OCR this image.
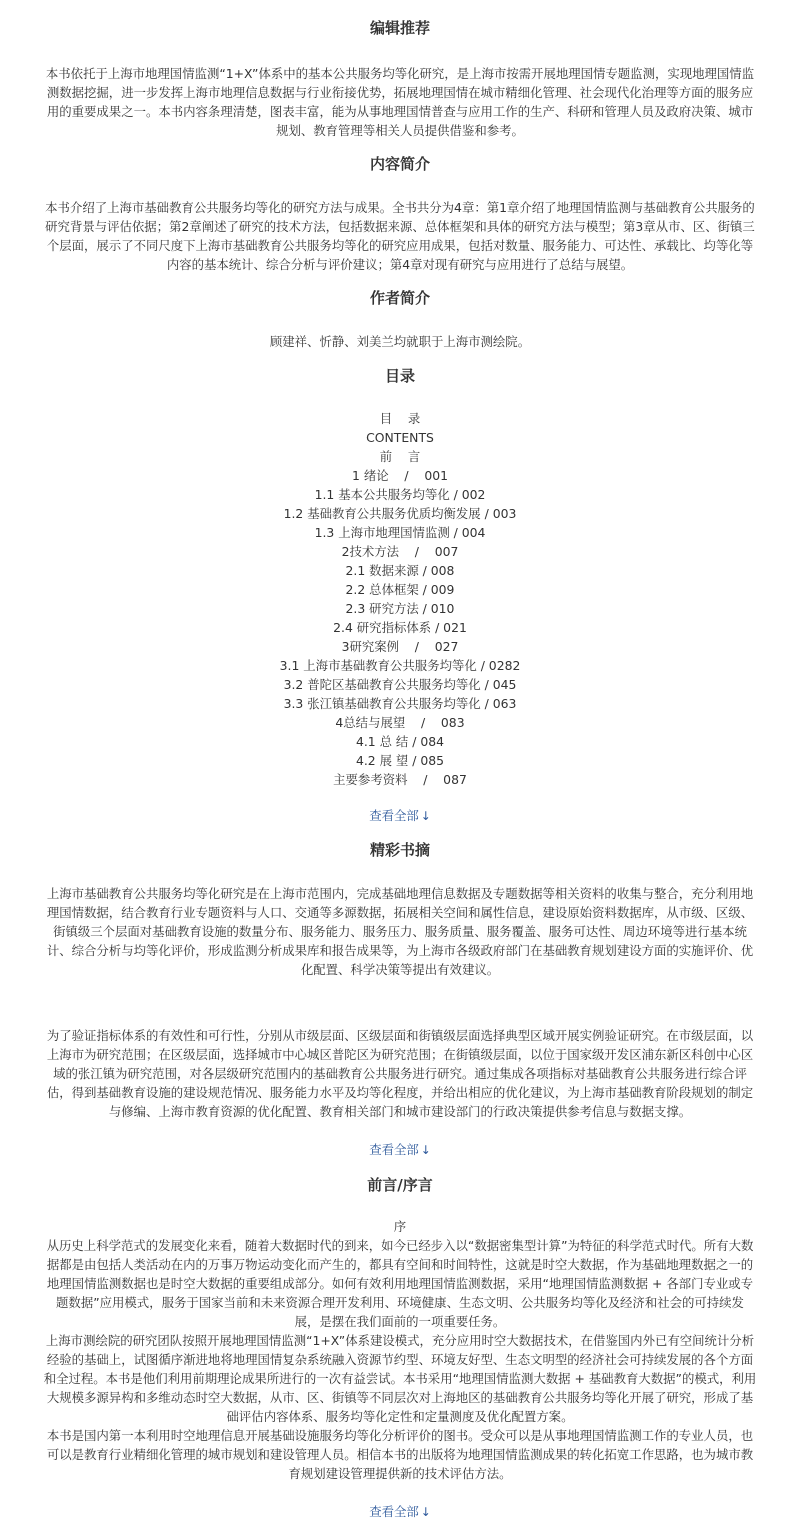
编辑推荐

本书依托于上海市地理国情监测“1+X”体系中的基本公共服务均等化研究，是上海市按需开展地理国情专题监测，实现地理国情监

测数据挖掘，进一步发挥上海市地理信息数据与行业衔接优势，拓展地理国情在城市精细化管理、社会现代化治理等方面的服务应

用的重要成果之一。本书内容条理清楚，图表丰富，能为从事地理国情普查与应用工作的生产、科研和管理人员及政府决策、城市

规划、教育管理等相关人员提供借鉴和参考。

内容简介

本书介绍了上海市基础教育公共服务均等化的研究方法与成果。全书共分为4章：第1章介绍了地理国情监测与基础教育公共服务的

研究背景与评估依据；第2章阐述了研究的技术方法，包括数据来源、总体框架和具体的研究方法与模型；第3章从市、区、街镇三

个层面，展示了不同尺度下上海市基础教育公共服务均等化的研究应用成果，包括对数量、服务能力、可达性、承载比、均等化等

内容的基本统计、综合分析与评价建议；第4章对现有研究与应用进行了总结与展望。

作者简介

顾建祥、忻静、刘美兰均就职于上海市测绘院。

目录

目    录

CONTENTS

前    言

1 绪论    /    001

1.1 基本公共服务均等化 / 002

1.2 基础教育公共服务优质均衡发展 / 003

1.3 上海市地理国情监测 / 004

2技术方法    /    007

2.1 数据来源 / 008

2.2 总体框架 / 009

2.3 研究方法 / 010

2.4 研究指标体系 / 021

3研究案例    /    027

3.1 上海市基础教育公共服务均等化 / 0282

3.2 普陀区基础教育公共服务均等化 / 045

3.3 张江镇基础教育公共服务均等化 / 063

4总结与展望    /    083

4.1 总 结 / 084

4.2 展 望 / 085

主要参考资料    /    087

查看全部 ↓
精彩书摘

上海市基础教育公共服务均等化研究是在上海市范围内，完成基础地理信息数据及专题数据等相关资料的收集与整合，充分利用地

理国情数据，结合教育行业专题资料与人口、交通等多源数据，拓展相关空间和属性信息，建设原始资料数据库，从市级、区级、

街镇级三个层面对基础教育设施的数量分布、服务能力、服务压力、服务质量、服务覆盖、服务可达性、周边环境等进行基本统

计、综合分析与均等化评价，形成监测分析成果库和报告成果等，为上海市各级政府部门在基础教育规划建设方面的实施评价、优

化配置、科学决策等提出有效建议。

为了验证指标体系的有效性和可行性，分别从市级层面、区级层面和街镇级层面选择典型区域开展实例验证研究。在市级层面，以

上海市为研究范围；在区级层面，选择城市中心城区普陀区为研究范围；在街镇级层面，以位于国家级开发区浦东新区科创中心区

域的张江镇为研究范围，对各层级研究范围内的基础教育公共服务进行研究。通过集成各项指标对基础教育公共服务进行综合评

估，得到基础教育设施的建设规范情况、服务能力水平及均等化程度，并给出相应的优化建议，为上海市基础教育阶段规划的制定

与修编、上海市教育资源的优化配置、教育相关部门和城市建设部门的行政决策提供参考信息与数据支撑。

查看全部 ↓
前言/序言

序

从历史上科学范式的发展变化来看，随着大数据时代的到来，如今已经步入以“数据密集型计算”为特征的科学范式时代。所有大数

据都是由包括人类活动在内的万事万物运动变化而产生的，都具有空间和时间特性，这就是时空大数据，作为基础地理数据之一的

地理国情监测数据也是时空大数据的重要组成部分。如何有效利用地理国情监测数据，采用“地理国情监测数据 + 各部门专业或专

题数据”应用模式，服务于国家当前和未来资源合理开发利用、环境健康、生态文明、公共服务均等化及经济和社会的可持续发

展，是摆在我们面前的一项重要任务。

上海市测绘院的研究团队按照开展地理国情监测“1+X”体系建设模式，充分应用时空大数据技术，在借鉴国内外已有空间统计分析

经验的基础上，试图循序渐进地将地理国情复杂系统融入资源节约型、环境友好型、生态文明型的经济社会可持续发展的各个方面

和全过程。本书是他们利用前期理论成果所进行的一次有益尝试。本书采用“地理国情监测大数据 + 基础教育大数据”的模式，利用

大规模多源异构和多维动态时空大数据，从市、区、街镇等不同层次对上海地区的基础教育公共服务均等化开展了研究，形成了基

础评估内容体系、服务均等化定性和定量测度及优化配置方案。

本书是国内第一本利用时空地理信息开展基础设施服务均等化分析评价的图书。受众可以是从事地理国情监测工作的专业人员，也

可以是教育行业精细化管理的城市规划和建设管理人员。相信本书的出版将为地理国情监测成果的转化拓宽工作思路，也为城市教

育规划建设管理提供新的技术评估方法。

查看全部 ↓
